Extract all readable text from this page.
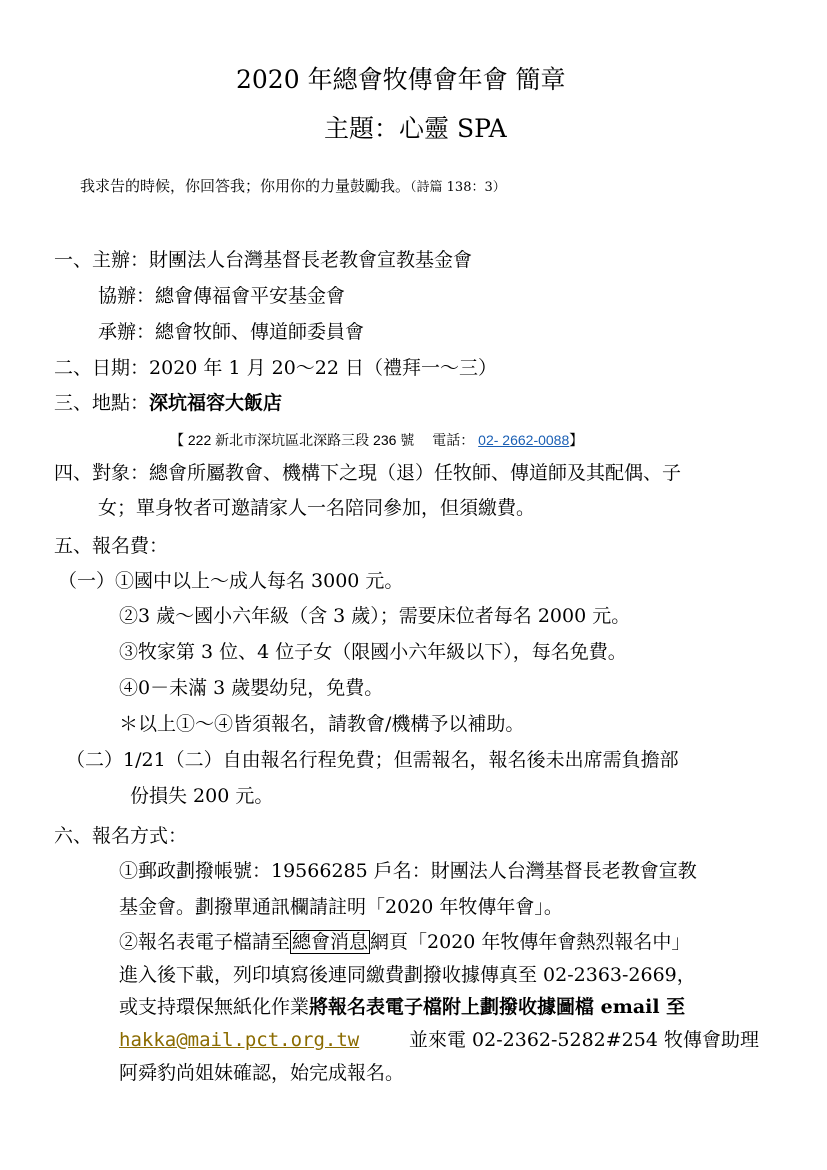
2020 年總會牧傳會年會 簡章
主題：心靈 SPA
我求告的時候，你回答我；你用你的力量鼓勵我。（詩篇 138：3）
一、主辦：財團法人台灣基督長老教會宣教基金會
協辦：總會傳福會平安基金會
承辦：總會牧師、傳道師委員會
二、日期：2020 年 1 月 20～22 日（禮拜一～三）
三、地點：深坑福容大飯店
【 222 新北市深坑區北深路三段 236 號 電話： 02- 2662-0088】
四、對象：總會所屬教會、機構下之現（退）任牧師、傳道師及其配偶、子
女；單身牧者可邀請家人一名陪同參加，但須繳費。
五、報名費：
（一）①國中以上～成人每名 3000 元。
②3 歲～國小六年級（含 3 歲）；需要床位者每名 2000 元。
③牧家第 3 位、4 位子女（限國小六年級以下），每名免費。
④0－未滿 3 歲嬰幼兒，免費。
＊以上①～④皆須報名，請教會/機構予以補助。
（二）1/21（二）自由報名行程免費；但需報名，報名後未出席需負擔部
份損失 200 元。
六、報名方式：
①郵政劃撥帳號：19566285 戶名：財團法人台灣基督長老教會宣教
基金會。劃撥單通訊欄請註明「2020 年牧傳年會」。
②報名表電子檔請至 總會消息 網頁「2020 年牧傳年會熱烈報名中」
進入後下載，列印填寫後連同繳費劃撥收據傳真至 02-2363-2669，
或支持環保無紙化作業將報名表電子檔附上劃撥收據圖檔 email 至
hakka@mail.pct.org.tw	並來電 02-2362-5282#254 牧傳會助理
阿舜豹尚姐妹確認，始完成報名。
